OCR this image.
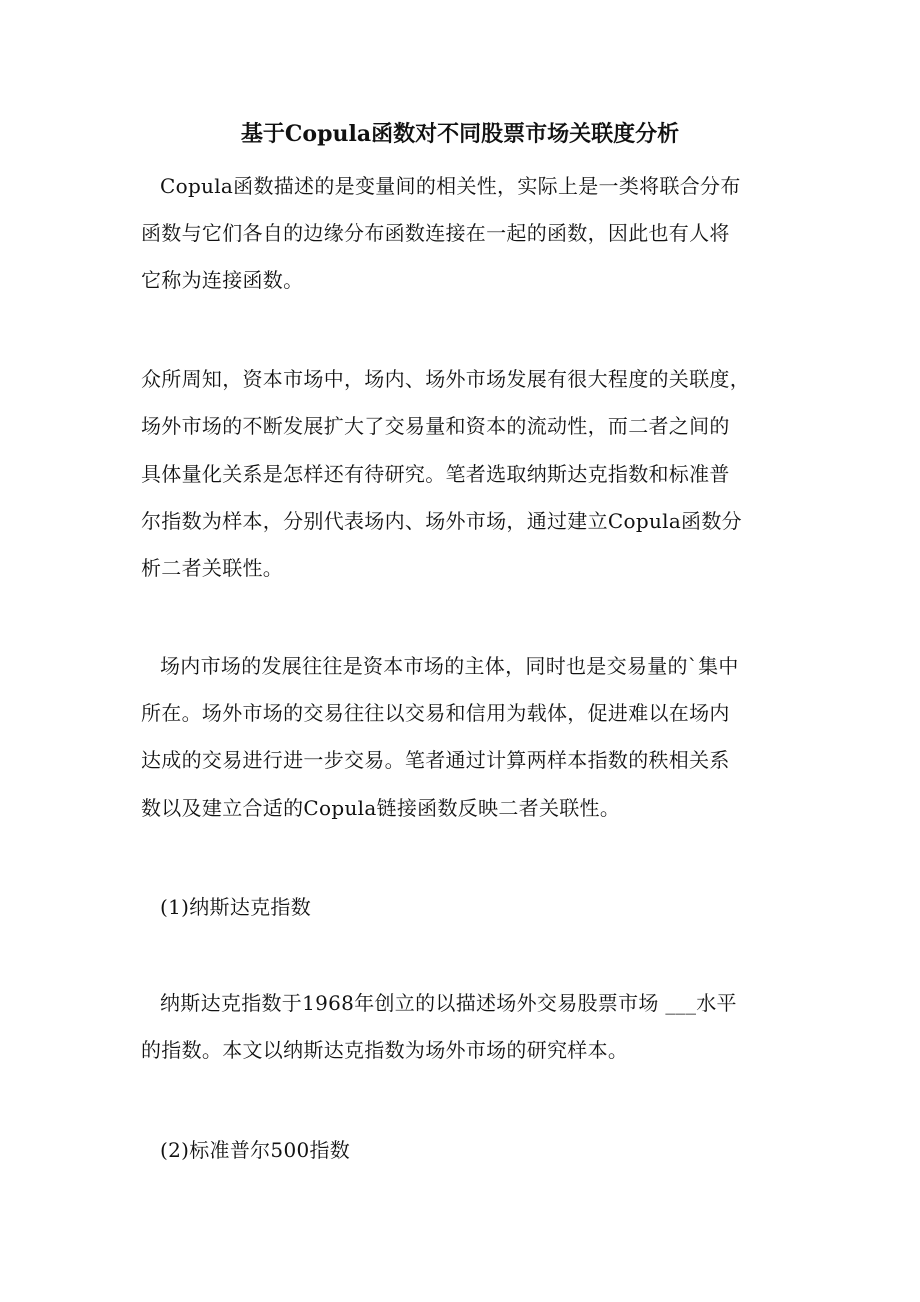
基于Copula函数对不同股票市场关联度分析
Copula函数描述的是变量间的相关性，实际上是一类将联合分布
函数与它们各自的边缘分布函数连接在一起的函数，因此也有人将
它称为连接函数。
众所周知，资本市场中，场内、场外市场发展有很大程度的关联度，
场外市场的不断发展扩大了交易量和资本的流动性，而二者之间的
具体量化关系是怎样还有待研究。笔者选取纳斯达克指数和标准普
尔指数为样本，分别代表场内、场外市场，通过建立Copula函数分
析二者关联性。
场内市场的发展往往是资本市场的主体，同时也是交易量的`集中
所在。场外市场的交易往往以交易和信用为载体，促进难以在场内
达成的交易进行进一步交易。笔者通过计算两样本指数的秩相关系
数以及建立合适的Copula链接函数反映二者关联性。
(1)纳斯达克指数
纳斯达克指数于1968年创立的以描述场外交易股票市场 ___水平
的指数。本文以纳斯达克指数为场外市场的研究样本。
(2)标准普尔500指数
